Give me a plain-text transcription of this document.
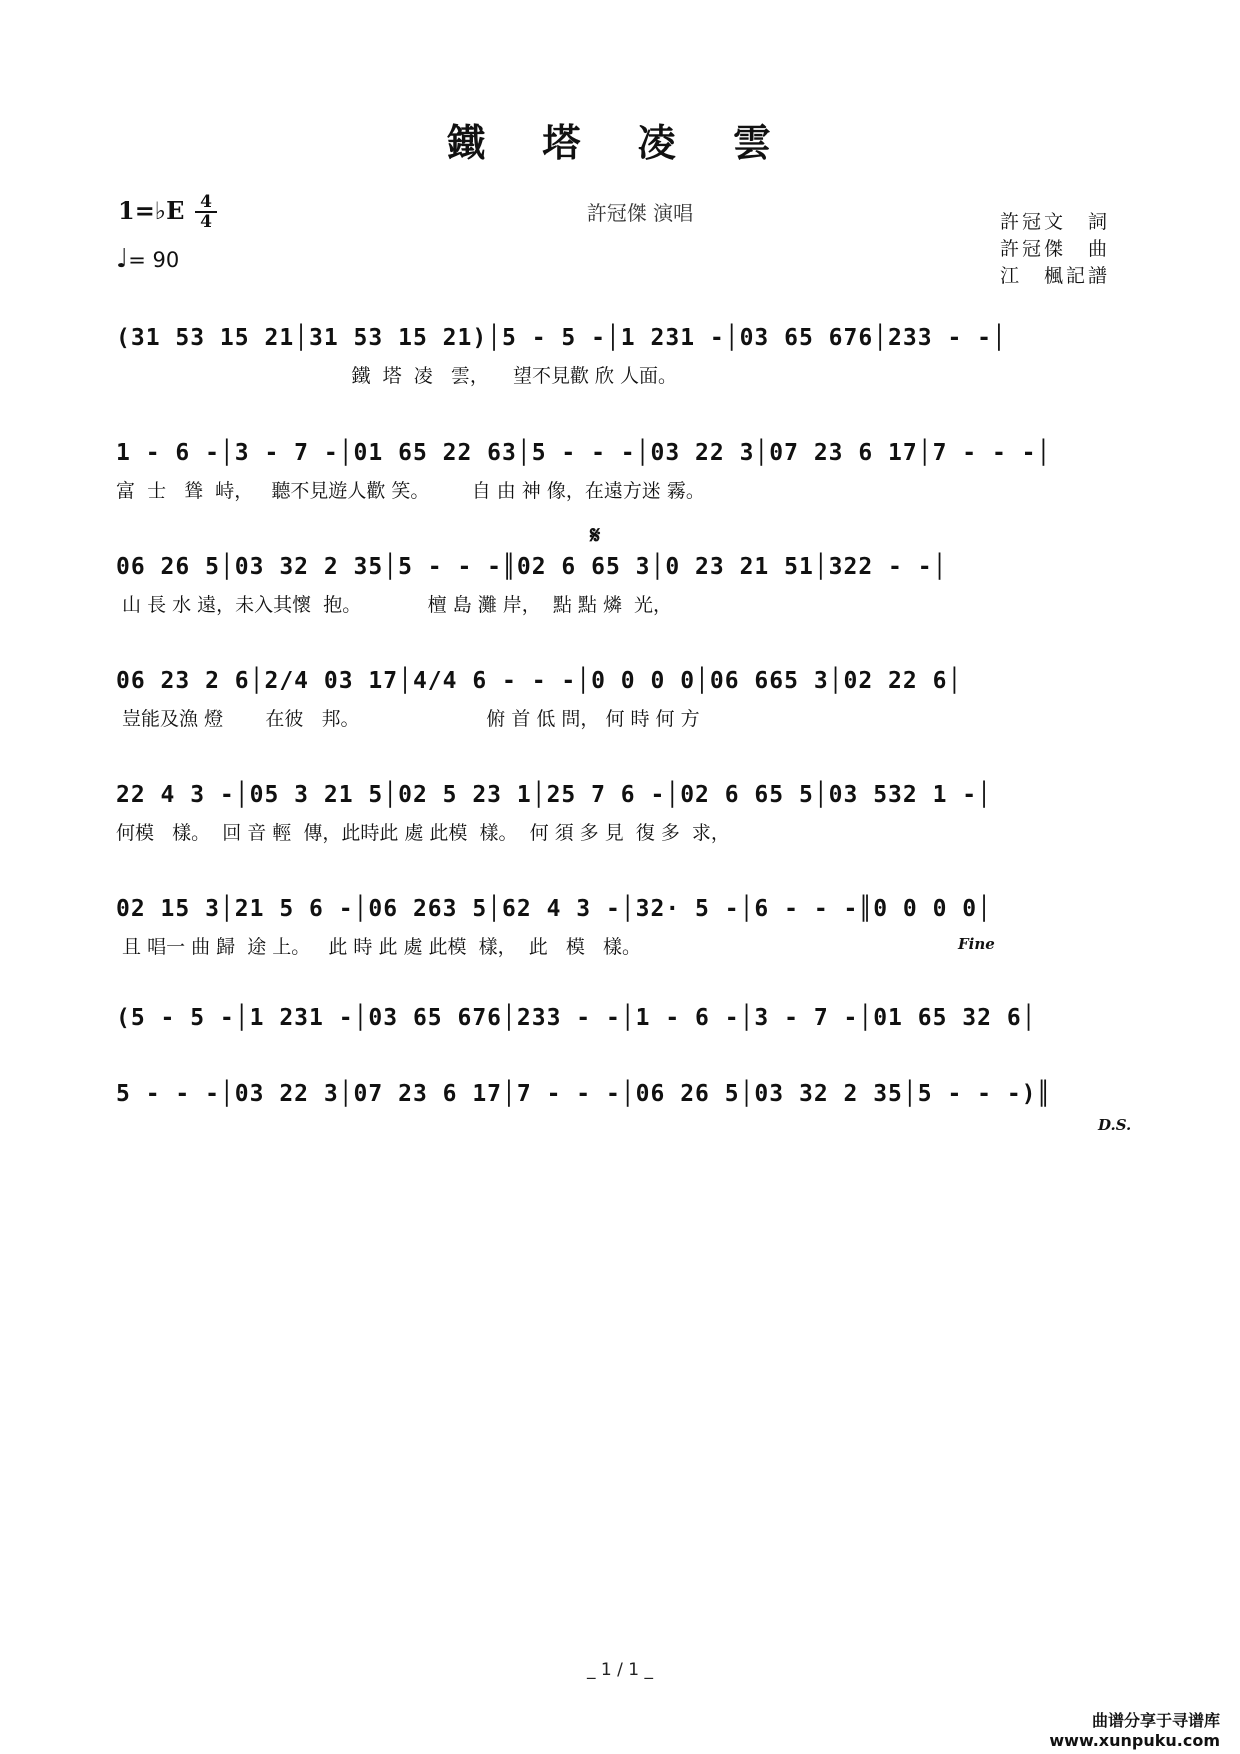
鐵 塔 凌 雲
1=♭E 4
4
♩= 90
許冠傑 演唱	許冠文　詞
許冠傑　曲
江　楓記譜
(31 53 15 21│31 53 15 21)│5 - 5 -│1 231 -│03 65 676│233 - -│
鐵  塔  凌   雲，    望不見歡 欣 人面。
1 - 6 -│3 - 7 -│01 65 22 63│5 - - -│03 22 3│07 23 6 17│7 - - -│
富  士   聳  峙，   聽不見遊人歡 笑。       自 由 神 像，在遠方迷 霧。
𝄋
06 26 5│03 32 2 35│5 - - -║02 6 65 3│0 23 21 51│322 - -│
山 長 水 遠，未入其懷  抱。           檀 島 灘 岸，  點 點 燐  光，
06 23 2 6│2/4 03 17│4/4 6 - - -│0 0 0 0│06 665 3│02 22 6│
豈能及漁 燈       在彼   邦。                     俯 首 低 問， 何 時 何 方
22 4 3 -│05 3 21 5│02 5 23 1│25 7 6 -│02 6 65 5│03 532 1 -│
何模   樣。  回 音 輕  傳，此時此 處 此模  樣。  何 須 多 見  復 多  求，
02 15 3│21 5 6 -│06 263 5│62 4 3 -│32· 5 -│6 - - -║0 0 0 0│
且 唱一 曲 歸  途 上。   此 時 此 處 此模  樣，  此   模   樣。	Fine
(5 - 5 -│1 231 -│03 65 676│233 - -│1 - 6 -│3 - 7 -│01 65 32 6│
5 - - -│03 22 3│07 23 6 17│7 - - -│06 26 5│03 32 2 35│5 - - -)║
D.S.
_ 1 / 1 _
曲谱分享于寻谱库 www.xunpuku.com
